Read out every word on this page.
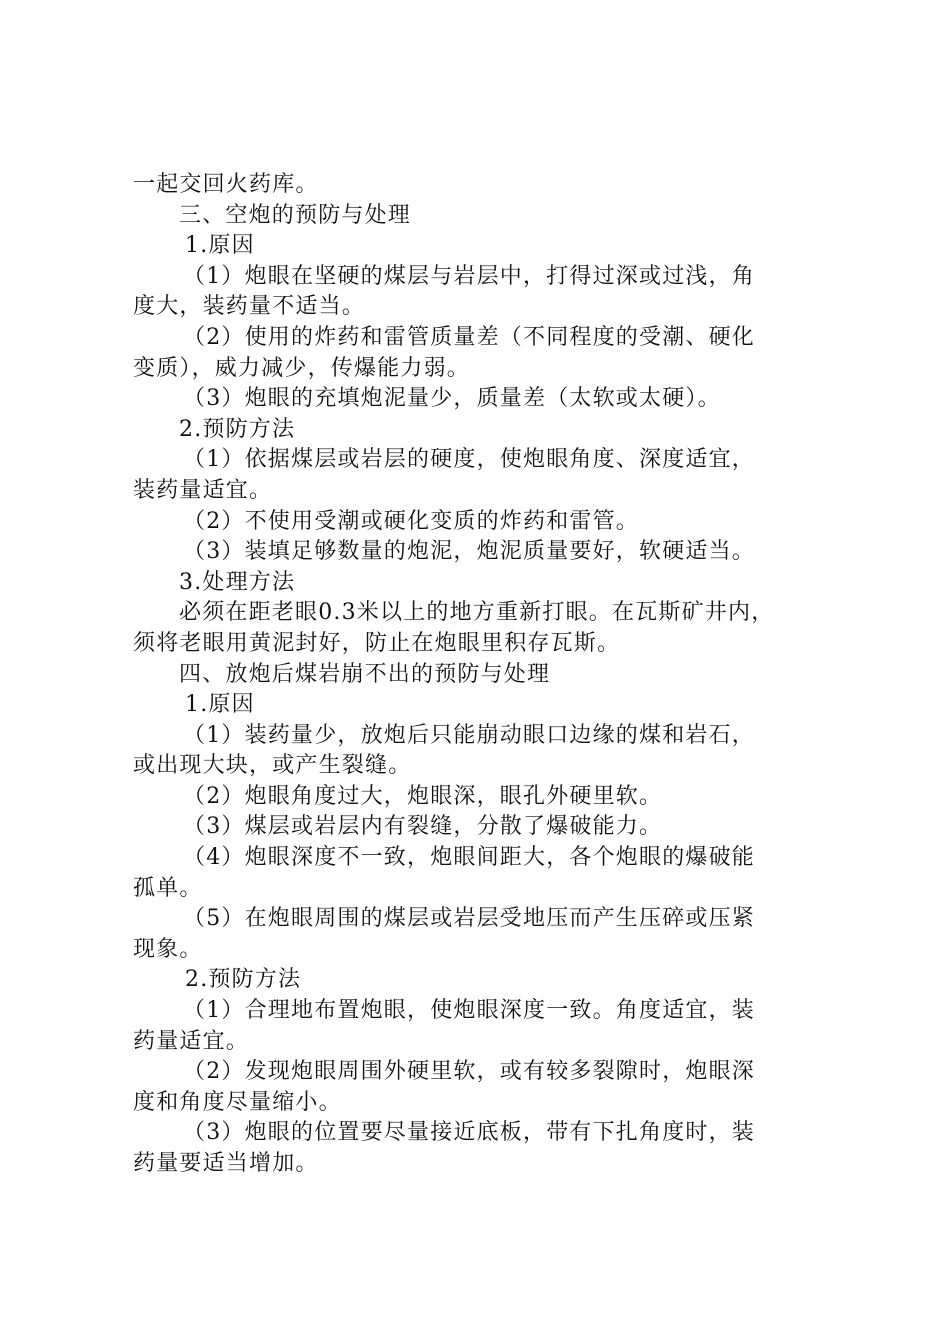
一起交回火药库。
三、空炮的预防与处理
1.原因
（1）炮眼在坚硬的煤层与岩层中，打得过深或过浅，角
度大，装药量不适当。
（2）使用的炸药和雷管质量差（不同程度的受潮、硬化
变质），威力减少，传爆能力弱。
（3）炮眼的充填炮泥量少，质量差（太软或太硬）。
2.预防方法
（1）依据煤层或岩层的硬度，使炮眼角度、深度适宜，
装药量适宜。
（2）不使用受潮或硬化变质的炸药和雷管。
（3）装填足够数量的炮泥，炮泥质量要好，软硬适当。
3.处理方法
必须在距老眼0.3米以上的地方重新打眼。在瓦斯矿井内，
须将老眼用黄泥封好，防止在炮眼里积存瓦斯。
四、放炮后煤岩崩不出的预防与处理
1.原因
（1）装药量少，放炮后只能崩动眼口边缘的煤和岩石，
或出现大块，或产生裂缝。
（2）炮眼角度过大，炮眼深，眼孔外硬里软。
（3）煤层或岩层内有裂缝，分散了爆破能力。
（4）炮眼深度不一致，炮眼间距大，各个炮眼的爆破能
孤单。
（5）在炮眼周围的煤层或岩层受地压而产生压碎或压紧
现象。
2.预防方法
（1）合理地布置炮眼，使炮眼深度一致。角度适宜，装
药量适宜。
（2）发现炮眼周围外硬里软，或有较多裂隙时，炮眼深
度和角度尽量缩小。
（3）炮眼的位置要尽量接近底板，带有下扎角度时，装
药量要适当增加。
